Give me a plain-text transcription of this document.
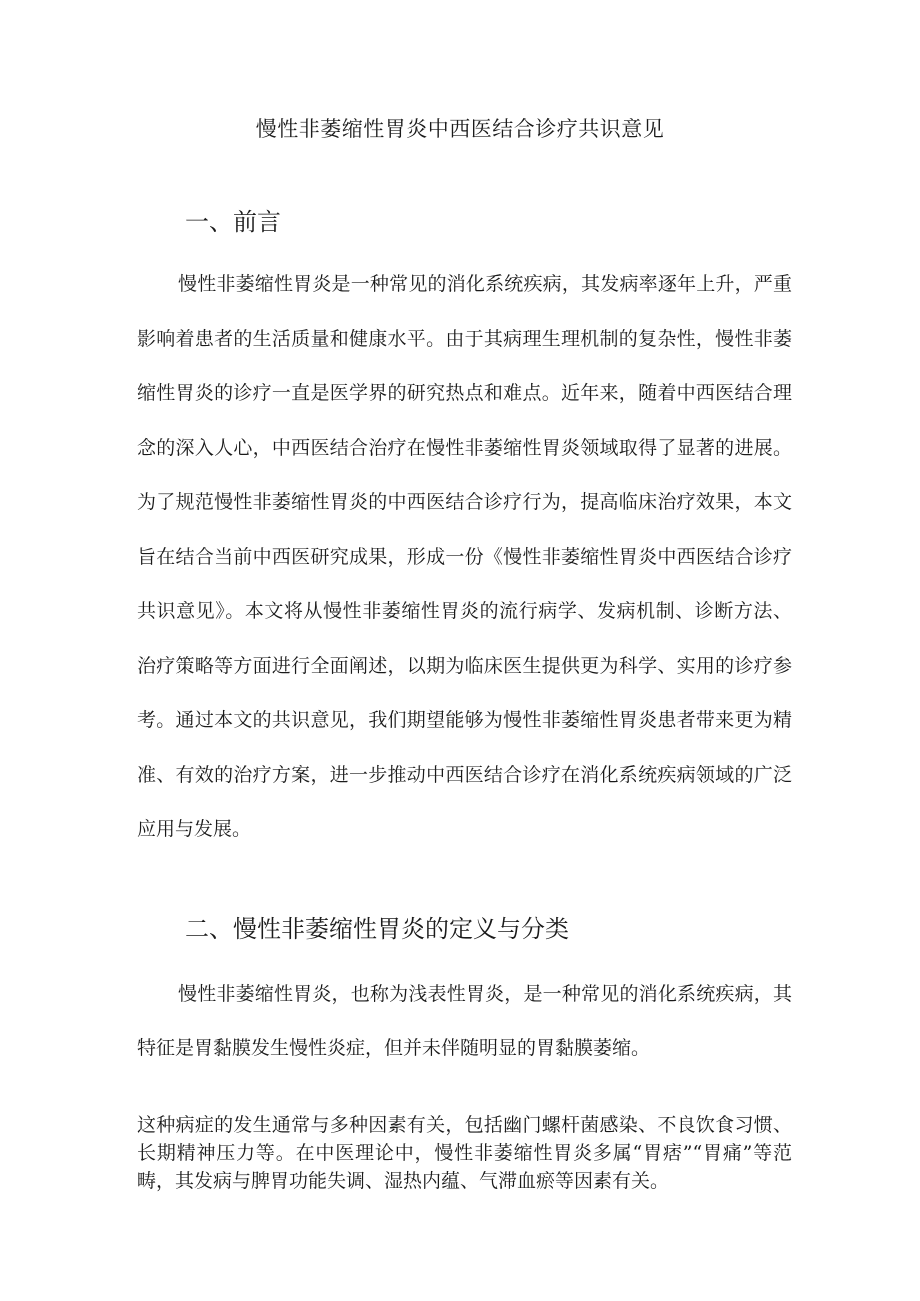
慢性非萎缩性胃炎中西医结合诊疗共识意见
一、前言

慢性非萎缩性胃炎是一种常见的消化系统疾病，其发病率逐年上升，严重影响着患者的生活质量和健康水平。由于其病理生理机制的复杂性，慢性非萎缩性胃炎的诊疗一直是医学界的研究热点和难点。近年来，随着中西医结合理念的深入人心，中西医结合治疗在慢性非萎缩性胃炎领域取得了显著的进展。为了规范慢性非萎缩性胃炎的中西医结合诊疗行为，提高临床治疗效果，本文旨在结合当前中西医研究成果，形成一份《慢性非萎缩性胃炎中西医结合诊疗共识意见》。本文将从慢性非萎缩性胃炎的流行病学、发病机制、诊断方法、治疗策略等方面进行全面阐述，以期为临床医生提供更为科学、实用的诊疗参考。通过本文的共识意见，我们期望能够为慢性非萎缩性胃炎患者带来更为精准、有效的治疗方案，进一步推动中西医结合诊疗在消化系统疾病领域的广泛应用与发展。

二、慢性非萎缩性胃炎的定义与分类

慢性非萎缩性胃炎，也称为浅表性胃炎，是一种常见的消化系统疾病，其特征是胃黏膜发生慢性炎症，但并未伴随明显的胃黏膜萎缩。

这种病症的发生通常与多种因素有关，包括幽门螺杆菌感染、不良饮食习惯、长期精神压力等。在中医理论中，慢性非萎缩性胃炎多属“胃痞”“胃痛”等范畴，其发病与脾胃功能失调、湿热内蕴、气滞血瘀等因素有关。
